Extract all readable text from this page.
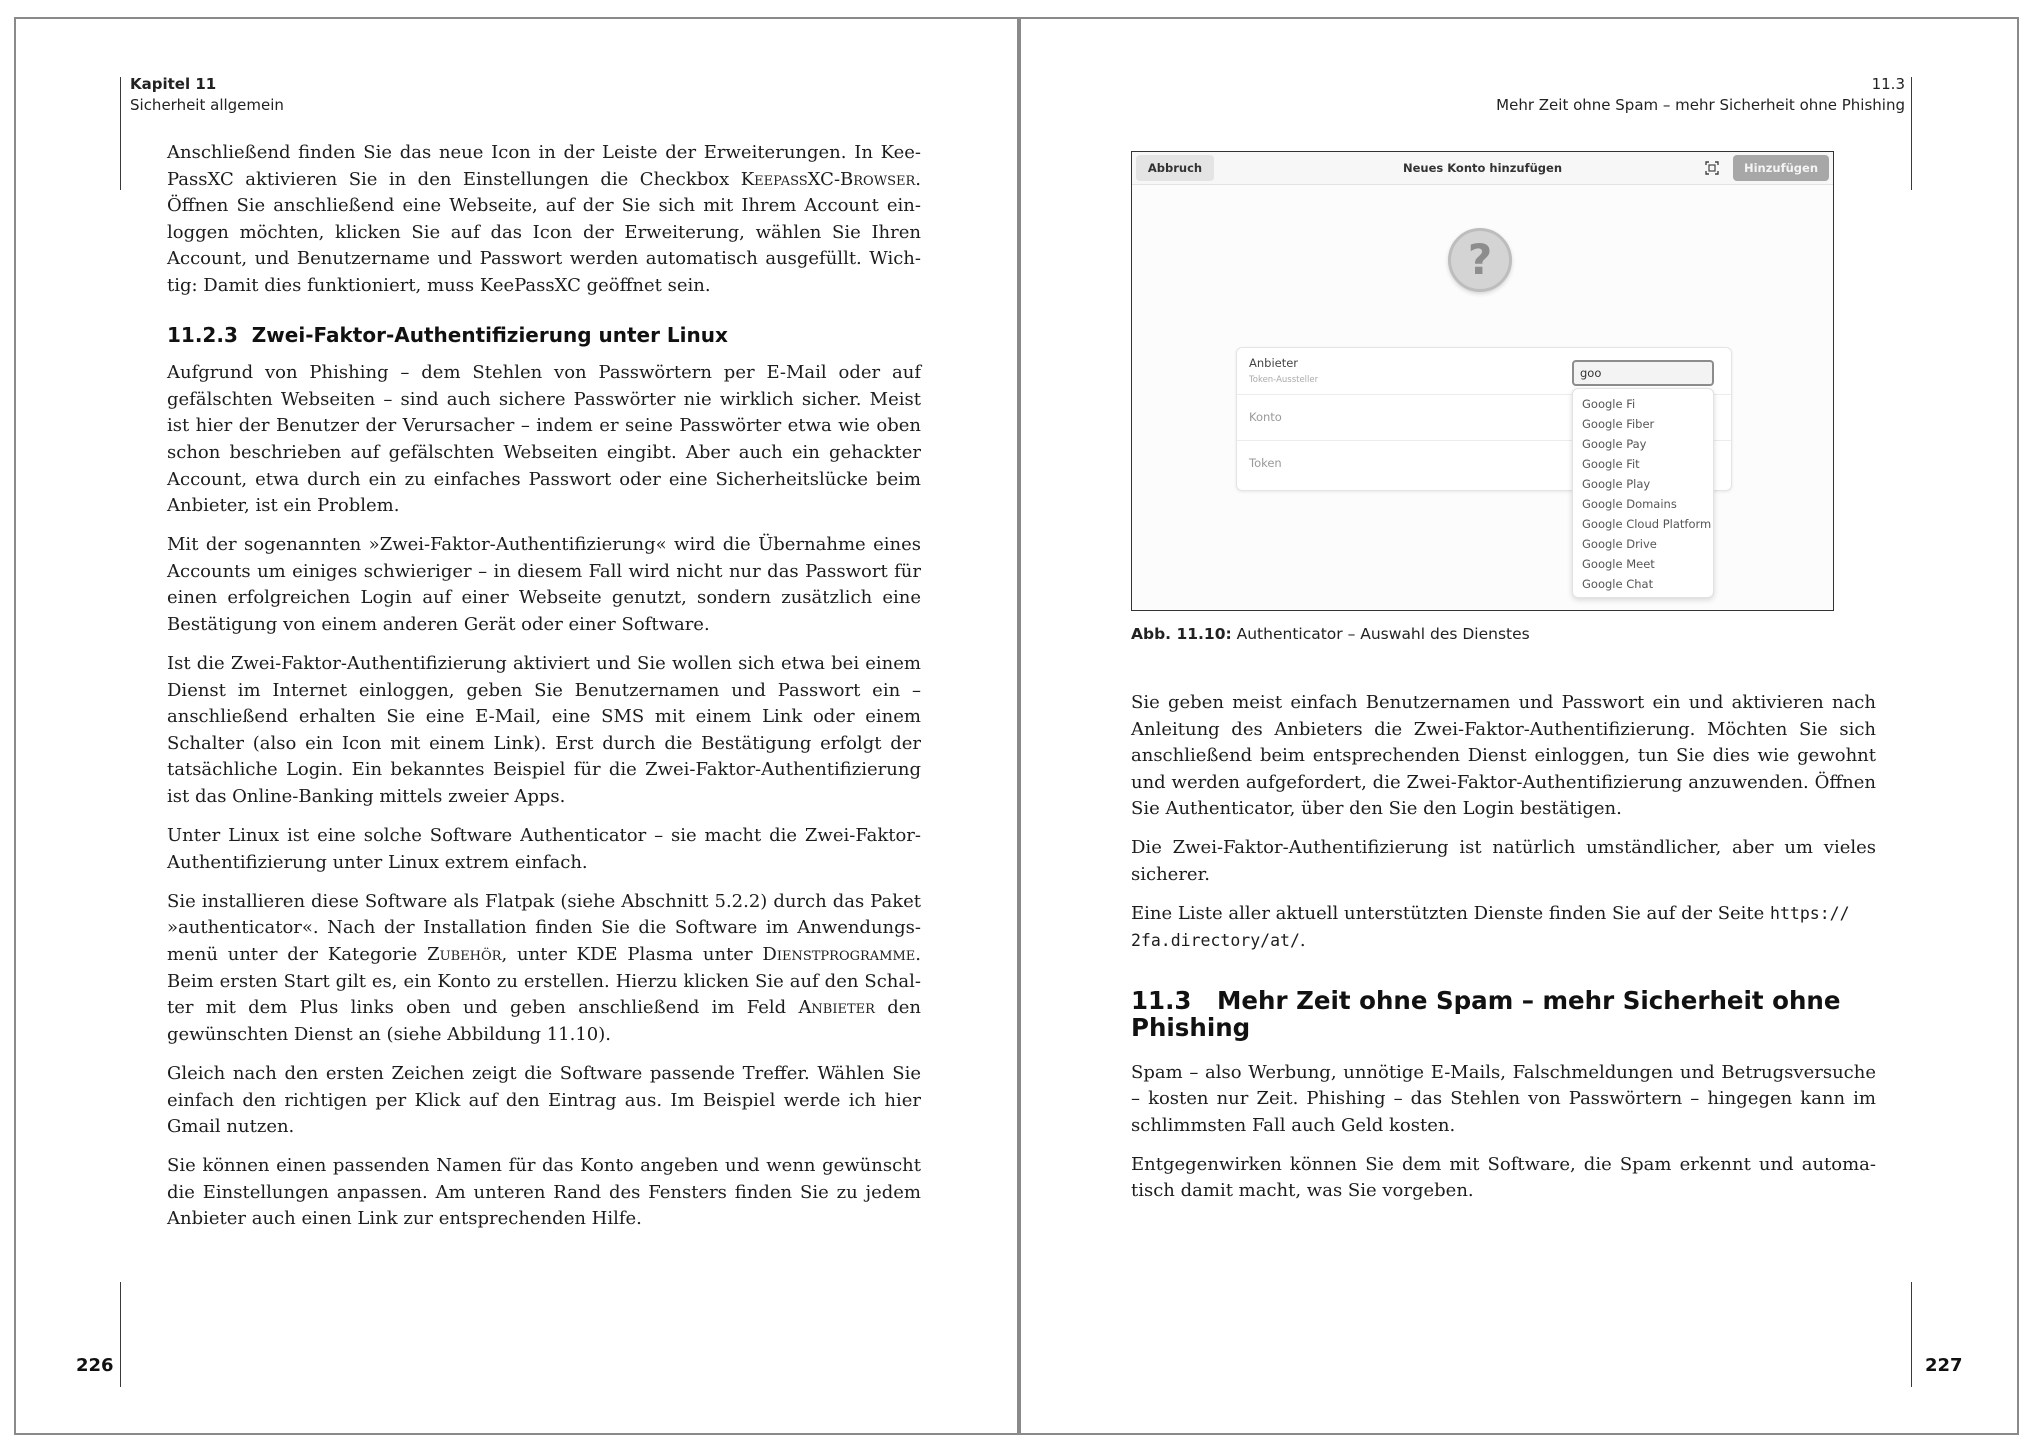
Kapitel 11
Sicherheit allgemein

Anschließend finden Sie das neue Icon in der Leiste der Erweiterungen. In KeePassXC aktivieren Sie in den Einstellungen die Checkbox KeepassXC-Browser. Öffnen Sie anschließend eine Webseite, auf der Sie sich mit Ihrem Account einloggen möchten, klicken Sie auf das Icon der Erweiterung, wählen Sie Ihren Account, und Benutzername und Passwort werden automatisch ausgefüllt. Wichtig: Damit dies funktioniert, muss KeePassXC geöffnet sein.

11.2.3 Zwei-Faktor-Authentifizierung unter Linux

Aufgrund von Phishing – dem Stehlen von Passwörtern per E-Mail oder auf gefälschten Webseiten – sind auch sichere Passwörter nie wirklich sicher. Meist ist hier der Benutzer der Verursacher – indem er seine Passwörter etwa wie oben schon beschrieben auf gefälschten Webseiten eingibt. Aber auch ein gehackter Account, etwa durch ein zu einfaches Passwort oder eine Sicherheitslücke beim Anbieter, ist ein Problem.

Mit der sogenannten »Zwei-Faktor-Authentifizierung« wird die Übernahme eines Accounts um einiges schwieriger – in diesem Fall wird nicht nur das Passwort für einen erfolgreichen Login auf einer Webseite genutzt, sondern zusätzlich eine Bestätigung von einem anderen Gerät oder einer Software.

Ist die Zwei-Faktor-Authentifizierung aktiviert und Sie wollen sich etwa bei einem Dienst im Internet einloggen, geben Sie Benutzernamen und Passwort ein – anschließend erhalten Sie eine E-Mail, eine SMS mit einem Link oder einem Schalter (also ein Icon mit einem Link). Erst durch die Bestätigung erfolgt der tatsächliche Login. Ein bekanntes Beispiel für die Zwei-Faktor-Authentifizierung ist das Online-Banking mittels zweier Apps.

Unter Linux ist eine solche Software Authenticator – sie macht die Zwei-Faktor-Authentifizierung unter Linux extrem einfach.

Sie installieren diese Software als Flatpak (siehe Abschnitt 5.2.2) durch das Paket »authenticator«. Nach der Installation finden Sie die Software im Anwendungsmenü unter der Kategorie Zubehör, unter KDE Plasma unter Dienstprogramme. Beim ersten Start gilt es, ein Konto zu erstellen. Hierzu klicken Sie auf den Schalter mit dem Plus links oben und geben anschließend im Feld Anbieter den gewünschten Dienst an (siehe Abbildung 11.10).

Gleich nach den ersten Zeichen zeigt die Software passende Treffer. Wählen Sie einfach den richtigen per Klick auf den Eintrag aus. Im Beispiel werde ich hier Gmail nutzen.

Sie können einen passenden Namen für das Konto angeben und wenn gewünscht die Einstellungen anpassen. Am unteren Rand des Fensters finden Sie zu jedem Anbieter auch einen Link zur entsprechenden Hilfe.

226
11.3
Mehr Zeit ohne Spam – mehr Sicherheit ohne Phishing
Neues Konto hinzufügen
Abbruch	Hinzufügen
?
Anbieter
Token-Aussteller
Konto
Token
goo
Google Fi
Google Fiber
Google Pay
Google Fit
Google Play
Google Domains
Google Cloud Platform
Google Drive
Google Meet
Google Chat
Abb. 11.10: Authenticator – Auswahl des Dienstes

Sie geben meist einfach Benutzernamen und Passwort ein und aktivieren nach Anleitung des Anbieters die Zwei-Faktor-Authentifizierung. Möchten Sie sich anschließend beim entsprechenden Dienst einloggen, tun Sie dies wie gewohnt und werden aufgefordert, die Zwei-Faktor-Authentifizierung anzuwenden. Öffnen Sie Authenticator, über den Sie den Login bestätigen.

Die Zwei-Faktor-Authentifizierung ist natürlich umständlicher, aber um vieles sicherer.

Eine Liste aller aktuell unterstützten Dienste finden Sie auf der Seite https://
2fa.directory/at/.

11.3 Mehr Zeit ohne Spam – mehr Sicherheit ohne Phishing

Spam – also Werbung, unnötige E-Mails, Falschmeldungen und Betrugsversuche – kosten nur Zeit. Phishing – das Stehlen von Passwörtern – hingegen kann im schlimmsten Fall auch Geld kosten.

Entgegenwirken können Sie dem mit Software, die Spam erkennt und automatisch damit macht, was Sie vorgeben.

227
